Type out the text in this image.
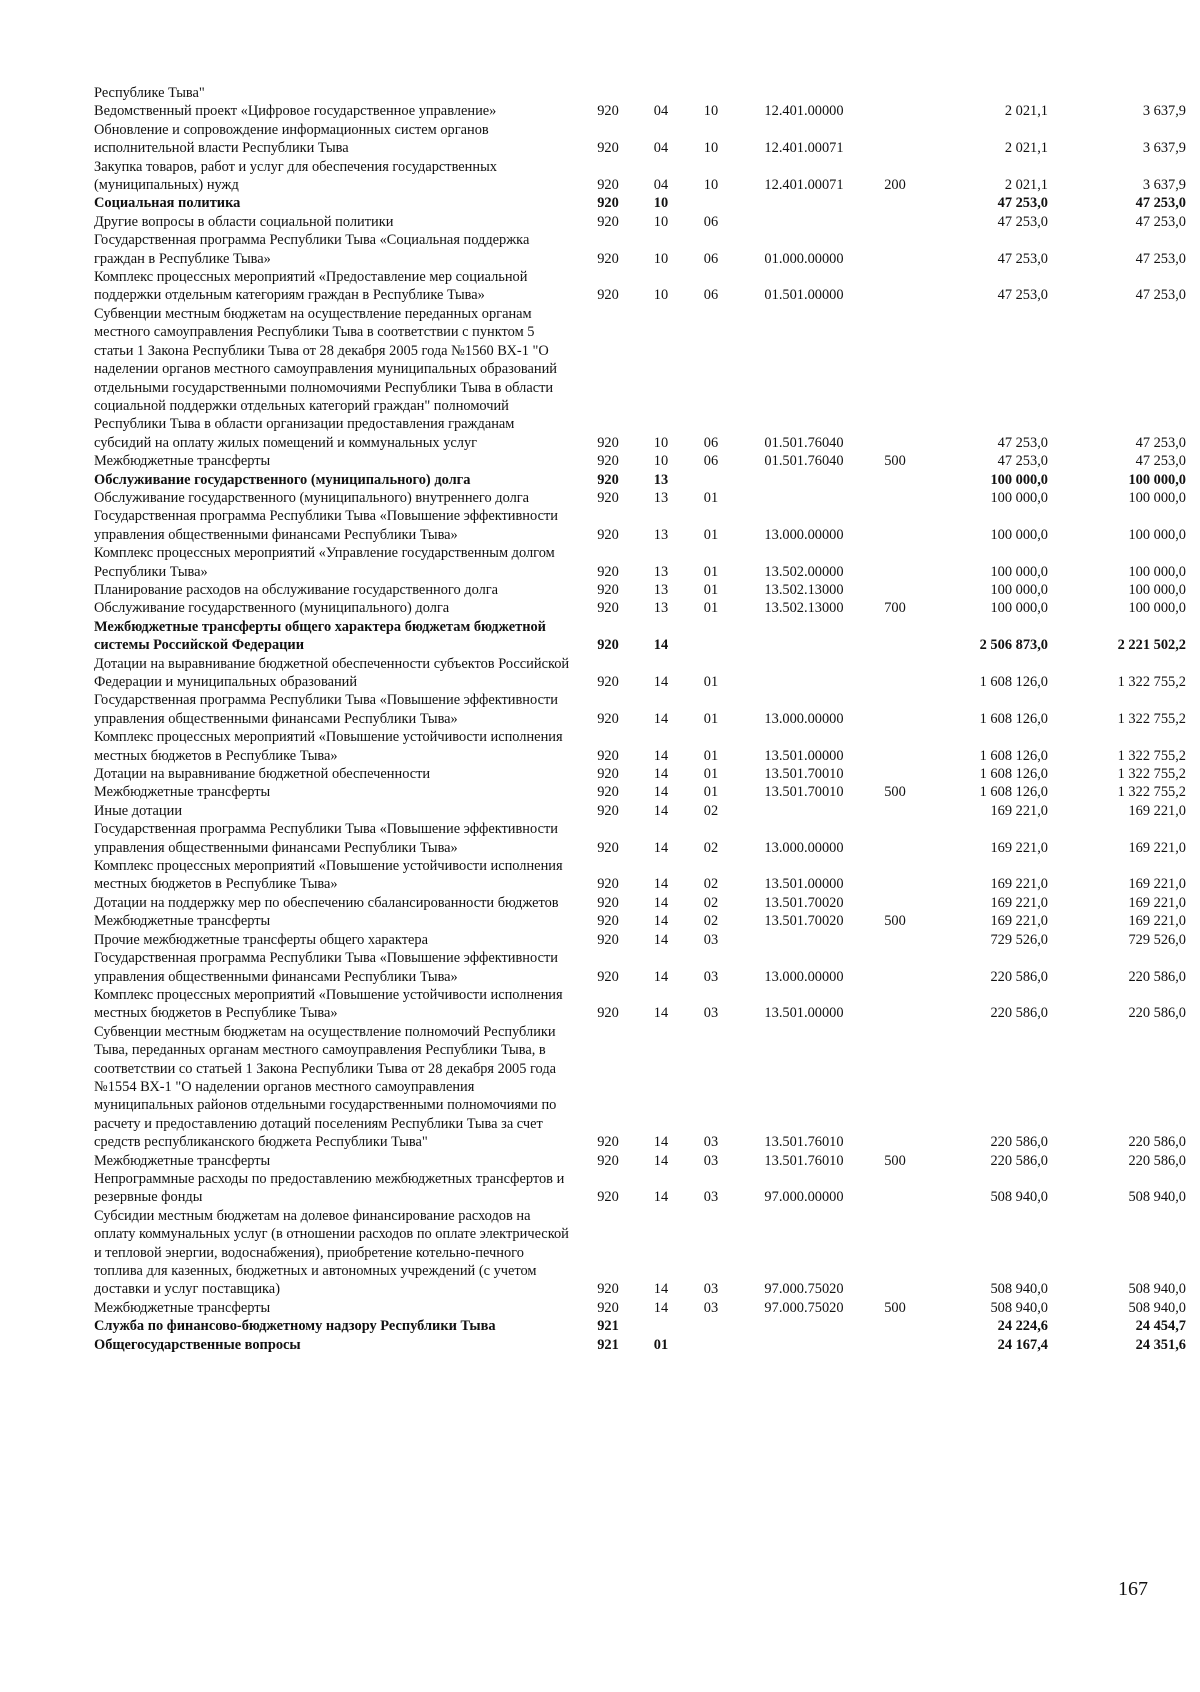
Республике Тыва"							
Ведомственный проект «Цифровое государственное управление»	920	04	10	12.401.00000		2 021,1	3 637,9
Обновление и сопровождение информационных систем органов исполнительной власти Республики Тыва	920	04	10	12.401.00071		2 021,1	3 637,9
Закупка товаров, работ и услуг для обеспечения государственных (муниципальных) нужд	920	04	10	12.401.00071	200	2 021,1	3 637,9
Социальная политика	920	10				47 253,0	47 253,0
Другие вопросы в области социальной политики	920	10	06			47 253,0	47 253,0
Государственная программа Республики Тыва «Социальная поддержка граждан в Республике Тыва»	920	10	06	01.000.00000		47 253,0	47 253,0
Комплекс процессных мероприятий «Предоставление мер социальной поддержки отдельным категориям граждан в Республике Тыва»	920	10	06	01.501.00000		47 253,0	47 253,0
Субвенции местным бюджетам на осуществление переданных органам местного самоуправления Республики Тыва в соответствии с пунктом 5 статьи 1 Закона Республики Тыва от 28 декабря 2005 года №1560 ВХ-1 "О наделении органов местного самоуправления муниципальных образований отдельными государственными полномочиями Республики Тыва в области социальной поддержки отдельных категорий граждан" полномочий Республики Тыва в области организации предоставления гражданам субсидий на оплату жилых помещений и коммунальных услуг	920	10	06	01.501.76040		47 253,0	47 253,0
Межбюджетные трансферты	920	10	06	01.501.76040	500	47 253,0	47 253,0
Обслуживание государственного (муниципального) долга	920	13				100 000,0	100 000,0
Обслуживание государственного (муниципального) внутреннего долга	920	13	01			100 000,0	100 000,0
Государственная программа Республики Тыва «Повышение эффективности управления общественными финансами Республики Тыва»	920	13	01	13.000.00000		100 000,0	100 000,0
Комплекс процессных мероприятий «Управление государственным долгом Республики Тыва»	920	13	01	13.502.00000		100 000,0	100 000,0
Планирование расходов на обслуживание государственного долга	920	13	01	13.502.13000		100 000,0	100 000,0
Обслуживание государственного (муниципального) долга	920	13	01	13.502.13000	700	100 000,0	100 000,0
Межбюджетные трансферты общего характера бюджетам бюджетной системы Российской Федерации	920	14				2 506 873,0	2 221 502,2
Дотации на выравнивание бюджетной обеспеченности субъектов Российской Федерации и муниципальных образований	920	14	01			1 608 126,0	1 322 755,2
Государственная программа Республики Тыва «Повышение эффективности управления общественными финансами Республики Тыва»	920	14	01	13.000.00000		1 608 126,0	1 322 755,2
Комплекс процессных мероприятий «Повышение устойчивости исполнения местных бюджетов в Республике Тыва»	920	14	01	13.501.00000		1 608 126,0	1 322 755,2
Дотации на выравнивание бюджетной обеспеченности	920	14	01	13.501.70010		1 608 126,0	1 322 755,2
Межбюджетные трансферты	920	14	01	13.501.70010	500	1 608 126,0	1 322 755,2
Иные дотации	920	14	02			169 221,0	169 221,0
Государственная программа Республики Тыва «Повышение эффективности управления общественными финансами Республики Тыва»	920	14	02	13.000.00000		169 221,0	169 221,0
Комплекс процессных мероприятий «Повышение устойчивости исполнения местных бюджетов в Республике Тыва»	920	14	02	13.501.00000		169 221,0	169 221,0
Дотации на поддержку мер по обеспечению сбалансированности бюджетов	920	14	02	13.501.70020		169 221,0	169 221,0
Межбюджетные трансферты	920	14	02	13.501.70020	500	169 221,0	169 221,0
Прочие межбюджетные трансферты общего характера	920	14	03			729 526,0	729 526,0
Государственная программа Республики Тыва «Повышение эффективности управления общественными финансами Республики Тыва»	920	14	03	13.000.00000		220 586,0	220 586,0
Комплекс процессных мероприятий «Повышение устойчивости исполнения местных бюджетов в Республике Тыва»	920	14	03	13.501.00000		220 586,0	220 586,0
Субвенции местным бюджетам на осуществление полномочий Республики Тыва, переданных органам местного самоуправления Республики Тыва, в соответствии со статьей 1 Закона Республики Тыва от 28 декабря 2005 года №1554 ВХ-1 "О наделении органов местного самоуправления муниципальных районов отдельными государственными полномочиями по расчету и предоставлению дотаций поселениям Республики Тыва за счет средств республиканского бюджета Республики Тыва"	920	14	03	13.501.76010		220 586,0	220 586,0
Межбюджетные трансферты	920	14	03	13.501.76010	500	220 586,0	220 586,0
Непрограммные расходы по предоставлению межбюджетных трансфертов и резервные фонды	920	14	03	97.000.00000		508 940,0	508 940,0
Субсидии местным бюджетам на долевое финансирование расходов на оплату коммунальных услуг (в отношении расходов по оплате электрической и тепловой энергии, водоснабжения), приобретение котельно-печного топлива для казенных, бюджетных и автономных учреждений (с учетом доставки и услуг поставщика)	920	14	03	97.000.75020		508 940,0	508 940,0
Межбюджетные трансферты	920	14	03	97.000.75020	500	508 940,0	508 940,0
Служба по финансово-бюджетному надзору Республики Тыва	921					24 224,6	24 454,7
Общегосударственные вопросы	921	01				24 167,4	24 351,6
167
